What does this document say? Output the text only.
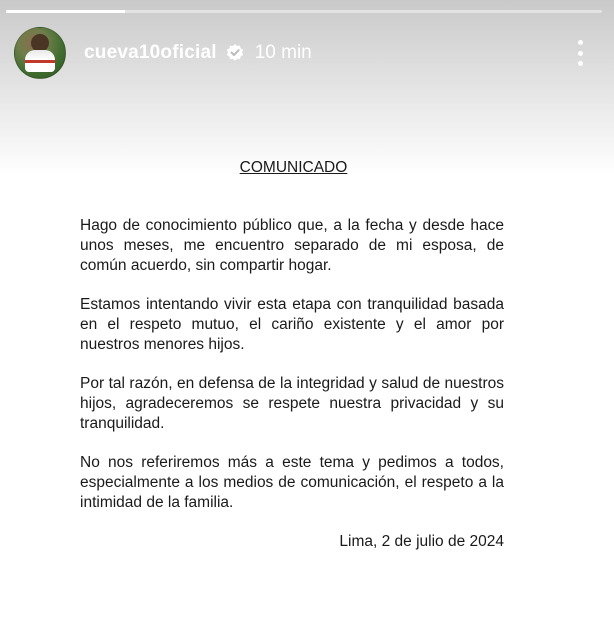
cueva10oficial 10 min
COMUNICADO

Hago de conocimiento público que, a la fecha y desde hace unos meses, me encuentro separado de mi esposa, de común acuerdo, sin compartir hogar.

Estamos intentando vivir esta etapa con tranquilidad basada en el respeto mutuo, el cariño existente y el amor por nuestros menores hijos.

Por tal razón, en defensa de la integridad y salud de nuestros hijos, agradeceremos se respete nuestra privacidad y su tranquilidad.

No nos referiremos más a este tema y pedimos a todos, especialmente a los medios de comunicación, el respeto a la intimidad de la familia.

Lima, 2 de julio de 2024
